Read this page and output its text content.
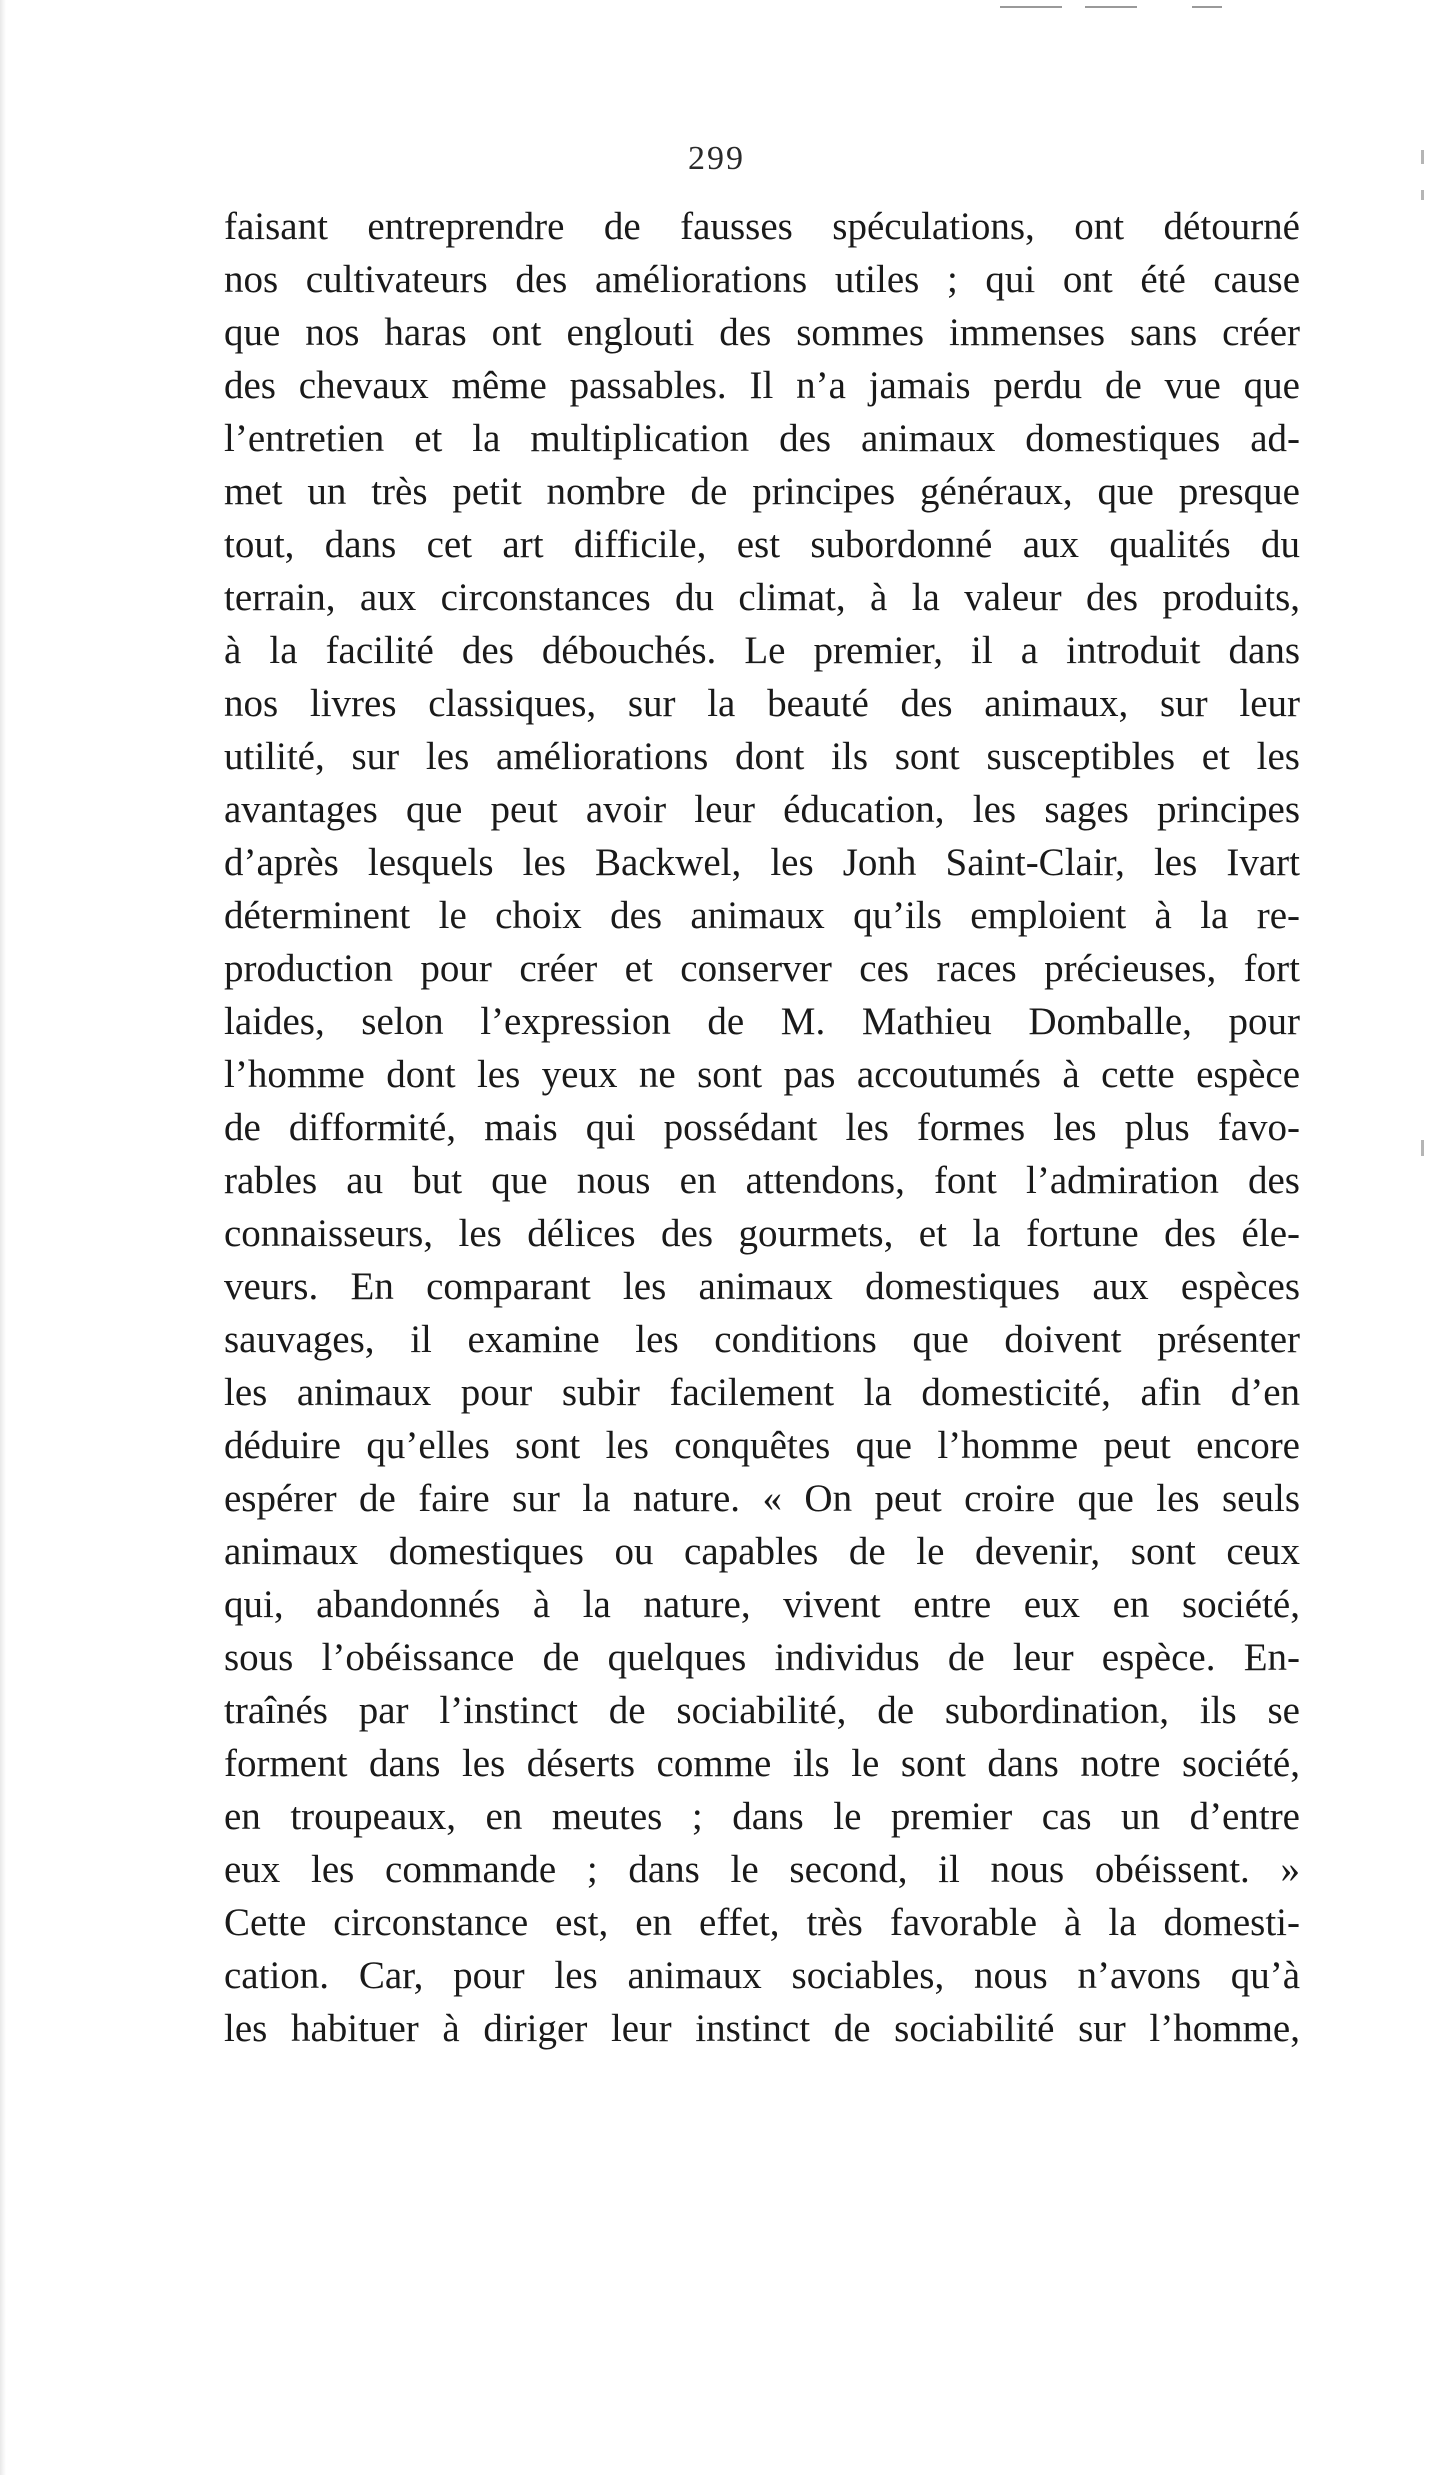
299
faisant entreprendre de fausses spéculations, ont détourné
nos cultivateurs des améliorations utiles ; qui ont été cause
que nos haras ont englouti des sommes immenses sans créer
des chevaux même passables. Il n’a jamais perdu de vue que
l’entretien et la multiplication des animaux domestiques ad-
met un très petit nombre de principes généraux, que presque
tout, dans cet art difficile, est subordonné aux qualités du
terrain, aux circonstances du climat, à la valeur des produits,
à la facilité des débouchés. Le premier, il a introduit dans
nos livres classiques, sur la beauté des animaux, sur leur
utilité, sur les améliorations dont ils sont susceptibles et les
avantages que peut avoir leur éducation, les sages principes
d’après lesquels les Backwel, les Jonh Saint-Clair, les Ivart
déterminent le choix des animaux qu’ils emploient à la re-
production pour créer et conserver ces races précieuses, fort
laides, selon l’expression de M. Mathieu Domballe, pour
l’homme dont les yeux ne sont pas accoutumés à cette espèce
de difformité, mais qui possédant les formes les plus favo-
rables au but que nous en attendons, font l’admiration des
connaisseurs, les délices des gourmets, et la fortune des éle-
veurs. En comparant les animaux domestiques aux espèces
sauvages, il examine les conditions que doivent présenter
les animaux pour subir facilement la domesticité, afin d’en
déduire qu’elles sont les conquêtes que l’homme peut encore
espérer de faire sur la nature. « On peut croire que les seuls
animaux domestiques ou capables de le devenir, sont ceux
qui, abandonnés à la nature, vivent entre eux en société,
sous l’obéissance de quelques individus de leur espèce. En-
traînés par l’instinct de sociabilité, de subordination, ils se
forment dans les déserts comme ils le sont dans notre société,
en troupeaux, en meutes ; dans le premier cas un d’entre
eux les commande ; dans le second, il nous obéissent. »
Cette circonstance est, en effet, très favorable à la domesti-
cation. Car, pour les animaux sociables, nous n’avons qu’à
les habituer à diriger leur instinct de sociabilité sur l’homme,
